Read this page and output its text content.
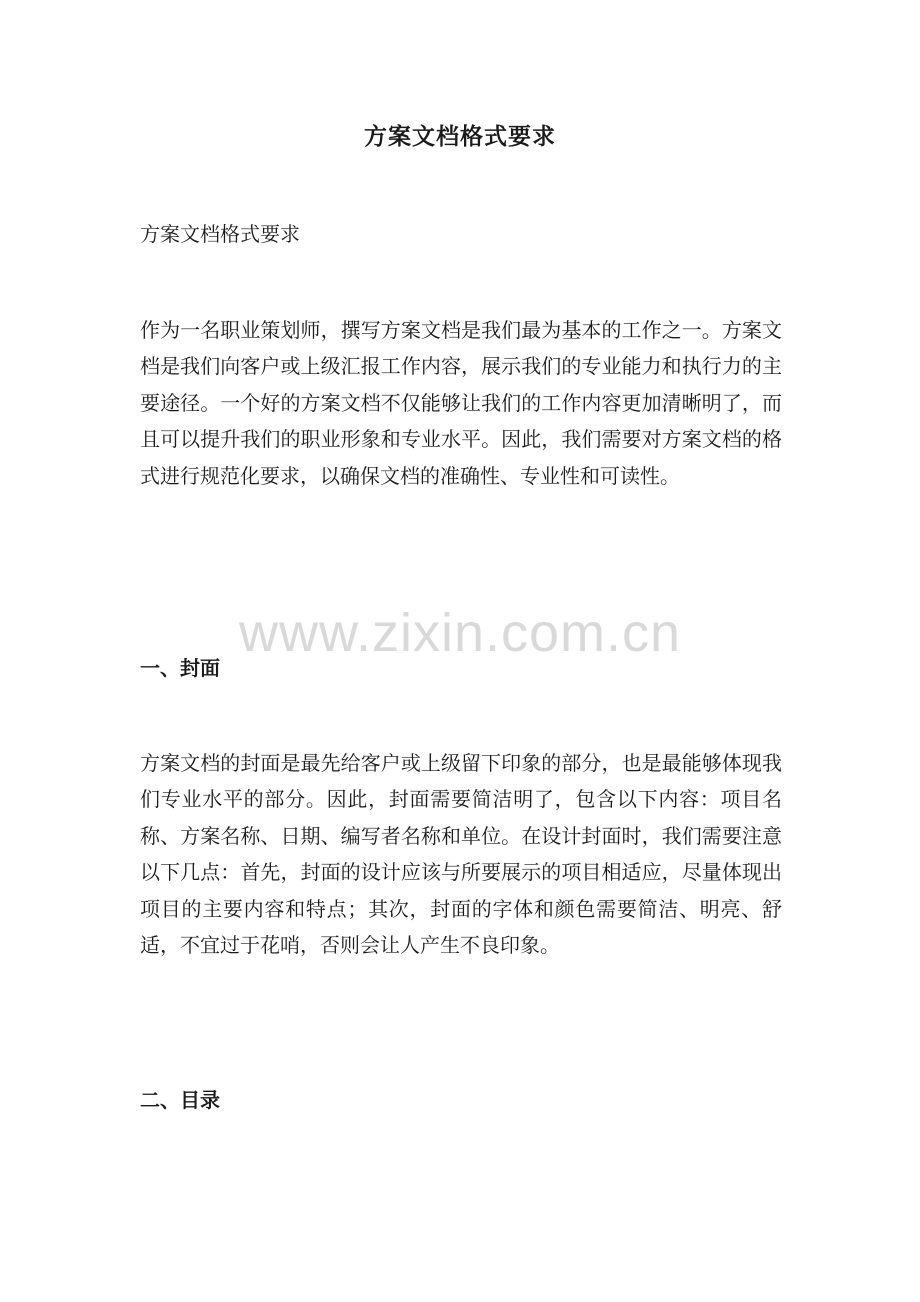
方案文档格式要求

方案文档格式要求

作为一名职业策划师，撰写方案文档是我们最为基本的工作之一。方案文档是我们向客户或上级汇报工作内容，展示我们的专业能力和执行力的主要途径。一个好的方案文档不仅能够让我们的工作内容更加清晰明了，而且可以提升我们的职业形象和专业水平。因此，我们需要对方案文档的格式进行规范化要求，以确保文档的准确性、专业性和可读性。

www.zixin.com.cn
一、封面

方案文档的封面是最先给客户或上级留下印象的部分，也是最能够体现我们专业水平的部分。因此，封面需要简洁明了，包含以下内容：项目名称、方案名称、日期、编写者名称和单位。在设计封面时，我们需要注意以下几点：首先，封面的设计应该与所要展示的项目相适应，尽量体现出项目的主要内容和特点；其次，封面的字体和颜色需要简洁、明亮、舒适，不宜过于花哨，否则会让人产生不良印象。

二、目录
